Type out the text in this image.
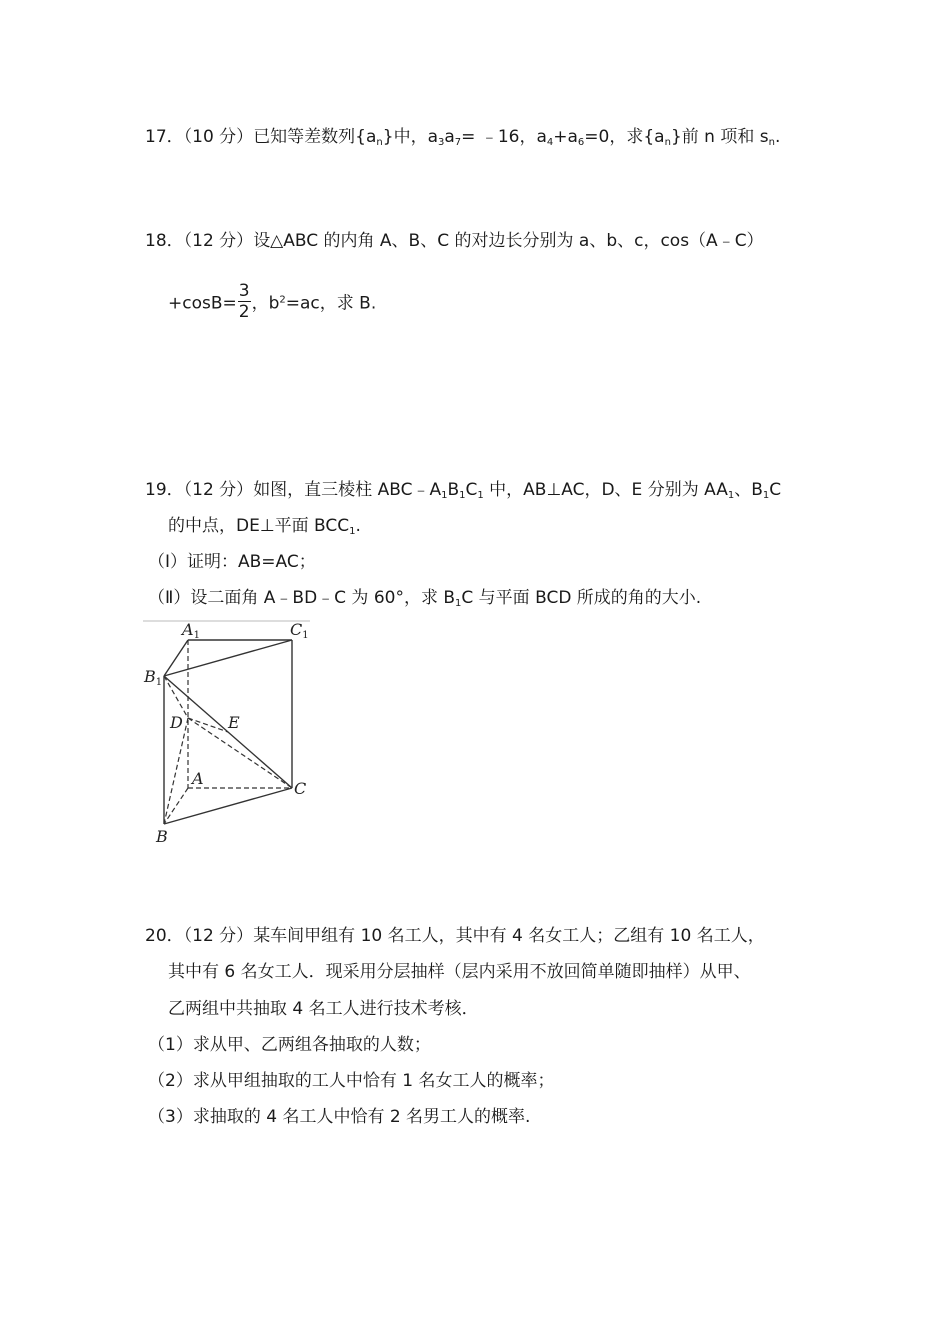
17．（10 分）已知等差数列$\{a_n\}$中，$a_3a_7=$ ﹣16，$a_4+a_6=0$，求$\{a_n\}$前 n 项和 $s_n$.
18．（12 分）设△ABC 的内角 A、B、C 的对边长分别为 a、b、c，cos（A﹣C）
$+\cos B= \frac{3}{2}$ ，$b^2=ac$，求 B.
19．（12 分）如图，直三棱柱 $ABC﹣A_1B_1C_1$ 中，AB⊥AC，D、E 分别为 $AA_1$、$B_1C$
的中点，DE⊥平面 $BCC_1$.
（Ⅰ）证明：AB=AC；
（Ⅱ）设二面角 A﹣BD﹣C 为 60°，求 $B_1C$ 与平面 BCD 所成的角的大小.
A1	C1
B1
D	E
A
C
B
20．（12 分）某车间甲组有 10 名工人，其中有 4 名女工人；乙组有 10 名工人，
其中有 6 名女工人．现采用分层抽样（层内采用不放回简单随即抽样）从甲、
乙两组中共抽取 4 名工人进行技术考核．
（1）求从甲、乙两组各抽取的人数；
（2）求从甲组抽取的工人中恰有 1 名女工人的概率；
（3）求抽取的 4 名工人中恰有 2 名男工人的概率.
